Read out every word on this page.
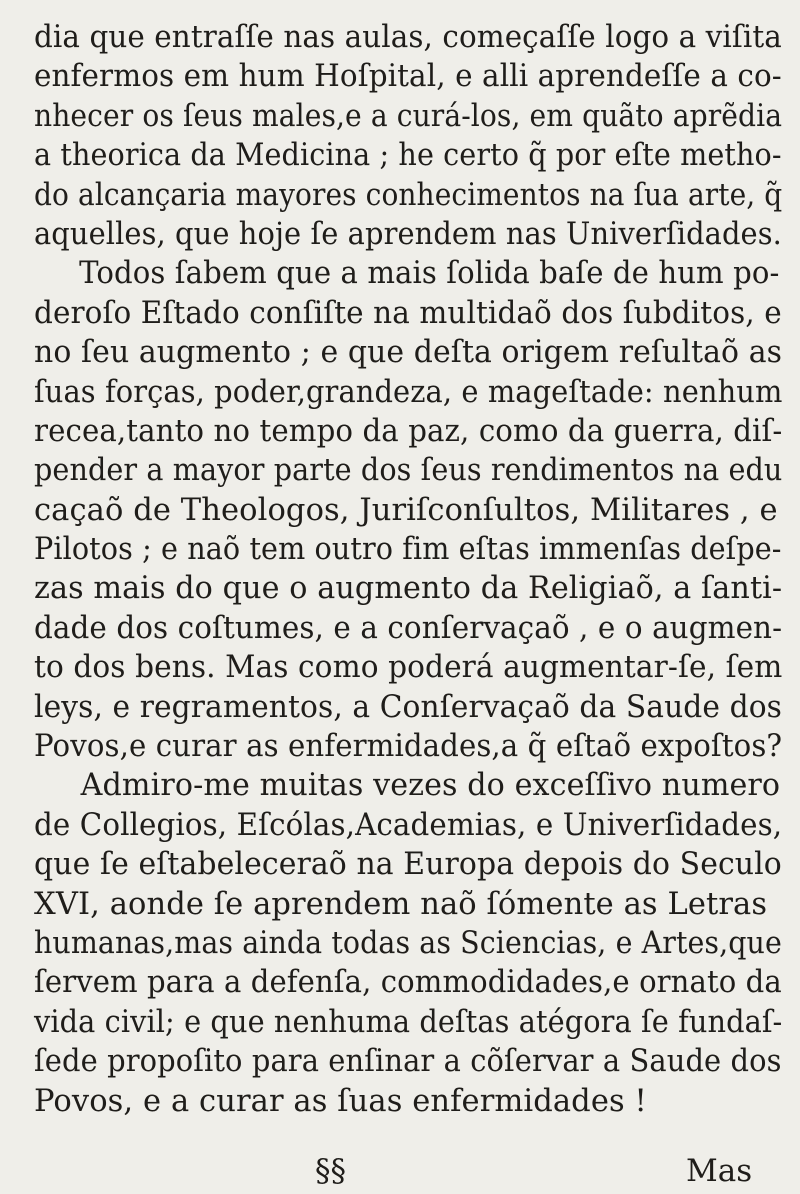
dia que entraſſe nas aulas, começaſſe logo a viſita
enfermos em hum Hoſpital, e alli aprendeſſe a co-
nhecer os ſeus males,e a curá-los, em quãto aprẽdia
a theorica da Medicina ; he certo q̃ por eſte metho-
do alcançaria mayores conhecimentos na ſua arte, q̃
aquelles, que hoje ſe aprendem nas Univerſidades.
Todos ſabem que a mais ſolida baſe de hum po-
deroſo Eſtado conſiſte na multidaõ dos ſubditos, e
no ſeu augmento ; e que deſta origem reſultaõ as
ſuas forças, poder,grandeza, e mageſtade: nenhum
recea,tanto no tempo da paz, como da guerra, diſ-
pender a mayor parte dos ſeus rendimentos na edu
caçaõ de Theologos, Juriſconſultos, Militares , e
Pilotos ; e naõ tem outro fim eſtas immenſas deſpe-
zas mais do que o augmento da Religiaõ, a ſanti-
dade dos coſtumes, e a conſervaçaõ , e o augmen-
to dos bens. Mas como poderá augmentar-ſe, ſem
leys, e regramentos, a Conſervaçaõ da Saude dos
Povos,e curar as enfermidades,a q̃ eſtaõ expoſtos?
Admiro-me muitas vezes do exceſſivo numero
de Collegios, Eſcólas,Academias, e Univerſidades,
que ſe eſtabeleceraõ na Europa depois do Seculo
XVI, aonde ſe aprendem naõ ſómente as Letras
humanas,mas ainda todas as Sciencias, e Artes,que
ſervem para a defenſa, commodidades,e ornato da
vida civil; e que nenhuma deſtas atégora ſe fundaſ-
ſede propoſito para enſinar a cõſervar a Saude dos
Povos, e a curar as ſuas enfermidades !
§§	Mas
